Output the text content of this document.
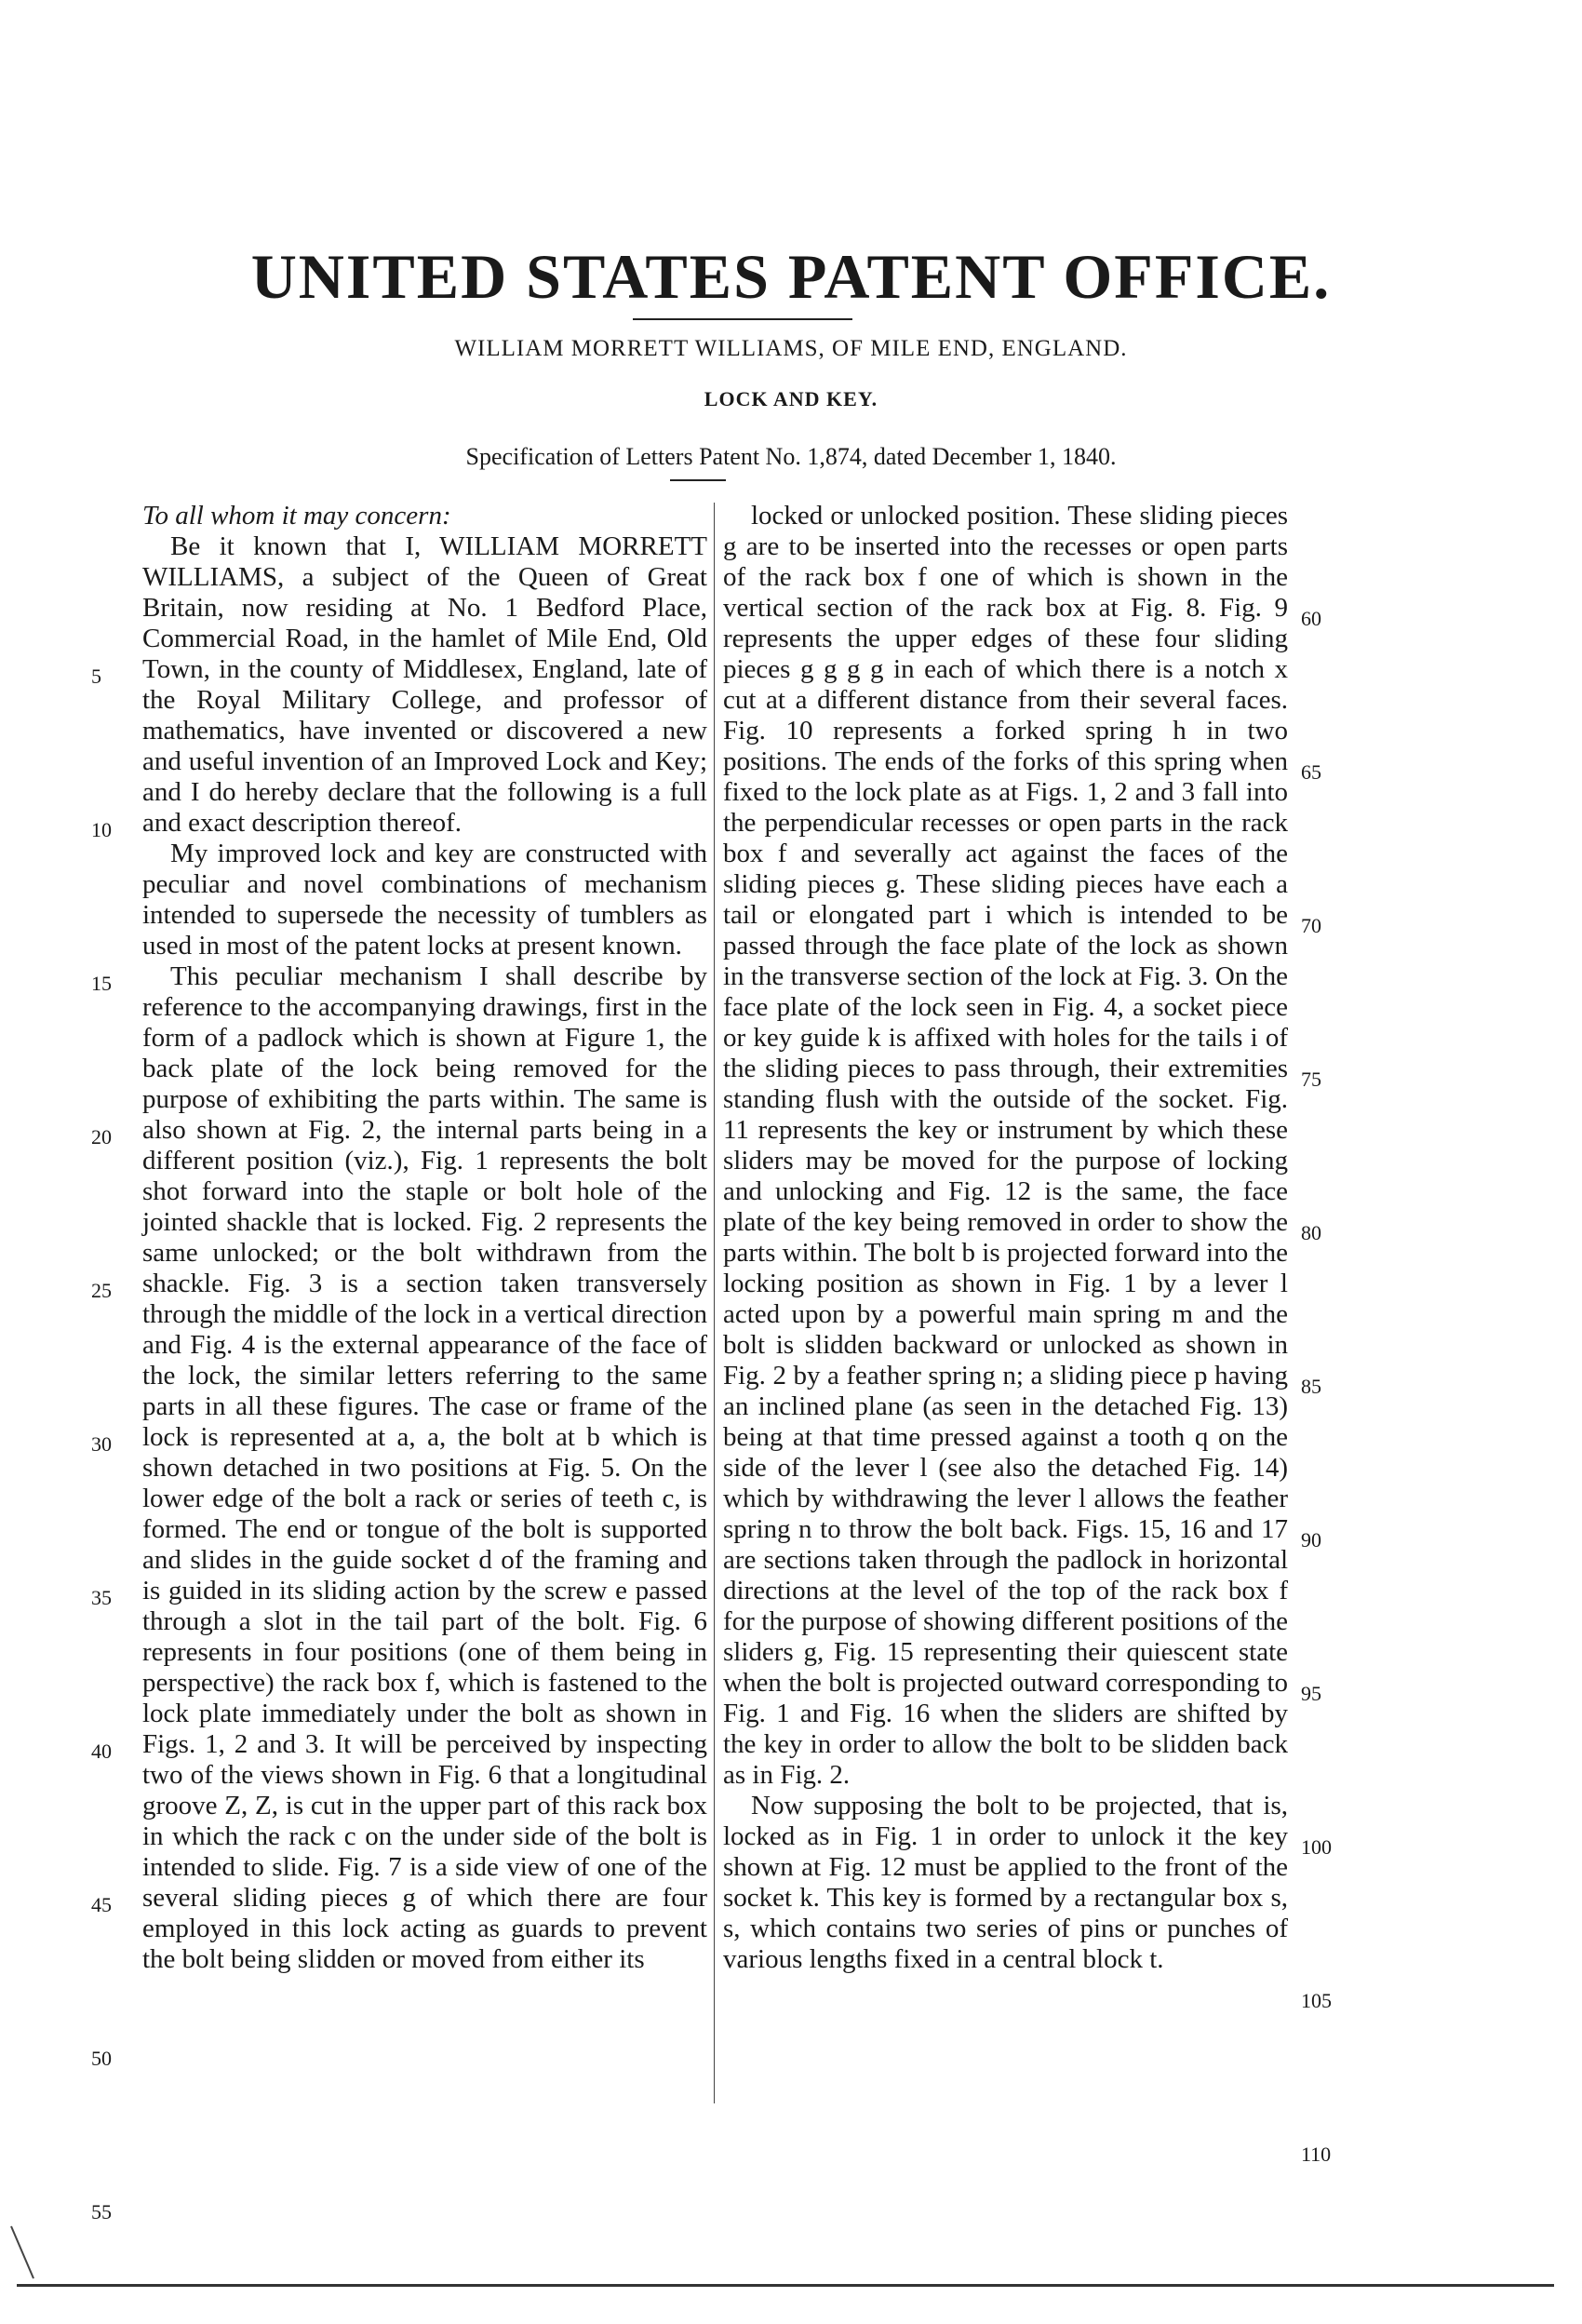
UNITED STATES PATENT OFFICE.
WILLIAM MORRETT WILLIAMS, OF MILE END, ENGLAND.
LOCK AND KEY.
Specification of Letters Patent No. 1,874, dated December 1, 1840.

To all whom it may concern:

Be it known that I, WILLIAM MORRETT WILLIAMS, a subject of the Queen of Great Britain, now residing at No. 1 Bedford Place, Commercial Road, in the hamlet of Mile End, Old Town, in the county of Middlesex, England, late of the Royal Military College, and professor of mathematics, have invented or discovered a new and useful invention of an Improved Lock and Key; and I do hereby declare that the following is a full and exact description thereof.

My improved lock and key are constructed with peculiar and novel combinations of mechanism intended to supersede the necessity of tumblers as used in most of the patent locks at present known.

This peculiar mechanism I shall describe by reference to the accompanying drawings, first in the form of a padlock which is shown at Figure 1, the back plate of the lock being removed for the purpose of exhibiting the parts within. The same is also shown at Fig. 2, the internal parts being in a different position (viz.), Fig. 1 represents the bolt shot forward into the staple or bolt hole of the jointed shackle that is locked. Fig. 2 represents the same unlocked; or the bolt withdrawn from the shackle. Fig. 3 is a section taken transversely through the middle of the lock in a vertical direction and Fig. 4 is the external appearance of the face of the lock, the similar letters referring to the same parts in all these figures. The case or frame of the lock is represented at a, a, the bolt at b which is shown detached in two positions at Fig. 5. On the lower edge of the bolt a rack or series of teeth c, is formed. The end or tongue of the bolt is supported and slides in the guide socket d of the framing and is guided in its sliding action by the screw e passed through a slot in the tail part of the bolt. Fig. 6 represents in four positions (one of them being in perspective) the rack box f, which is fastened to the lock plate immediately under the bolt as shown in Figs. 1, 2 and 3. It will be perceived by inspecting two of the views shown in Fig. 6 that a longitudinal groove Z, Z, is cut in the upper part of this rack box in which the rack c on the under side of the bolt is intended to slide. Fig. 7 is a side view of one of the several sliding pieces g of which there are four employed in this lock acting as guards to prevent the bolt being slidden or moved from either its

locked or unlocked position. These sliding pieces g are to be inserted into the recesses or open parts of the rack box f one of which is shown in the vertical section of the rack box at Fig. 8. Fig. 9 represents the upper edges of these four sliding pieces g g g g in each of which there is a notch x cut at a different distance from their several faces. Fig. 10 represents a forked spring h in two positions. The ends of the forks of this spring when fixed to the lock plate as at Figs. 1, 2 and 3 fall into the perpendicular recesses or open parts in the rack box f and severally act against the faces of the sliding pieces g. These sliding pieces have each a tail or elongated part i which is intended to be passed through the face plate of the lock as shown in the transverse section of the lock at Fig. 3. On the face plate of the lock seen in Fig. 4, a socket piece or key guide k is affixed with holes for the tails i of the sliding pieces to pass through, their extremities standing flush with the outside of the socket. Fig. 11 represents the key or instrument by which these sliders may be moved for the purpose of locking and unlocking and Fig. 12 is the same, the face plate of the key being removed in order to show the parts within. The bolt b is projected forward into the locking position as shown in Fig. 1 by a lever l acted upon by a powerful main spring m and the bolt is slidden backward or unlocked as shown in Fig. 2 by a feather spring n; a sliding piece p having an inclined plane (as seen in the detached Fig. 13) being at that time pressed against a tooth q on the side of the lever l (see also the detached Fig. 14) which by withdrawing the lever l allows the feather spring n to throw the bolt back. Figs. 15, 16 and 17 are sections taken through the padlock in horizontal directions at the level of the top of the rack box f for the purpose of showing different positions of the sliders g, Fig. 15 representing their quiescent state when the bolt is projected outward corresponding to Fig. 1 and Fig. 16 when the sliders are shifted by the key in order to allow the bolt to be slidden back as in Fig. 2.

Now supposing the bolt to be projected, that is, locked as in Fig. 1 in order to unlock it the key shown at Fig. 12 must be applied to the front of the socket k. This key is formed by a rectangular box s, s, which contains two series of pins or punches of various lengths fixed in a central block t.

5
10
15
20
25
30
35
40
45
50
55
60
65
70
75
80
85
90
95
100
105
110
